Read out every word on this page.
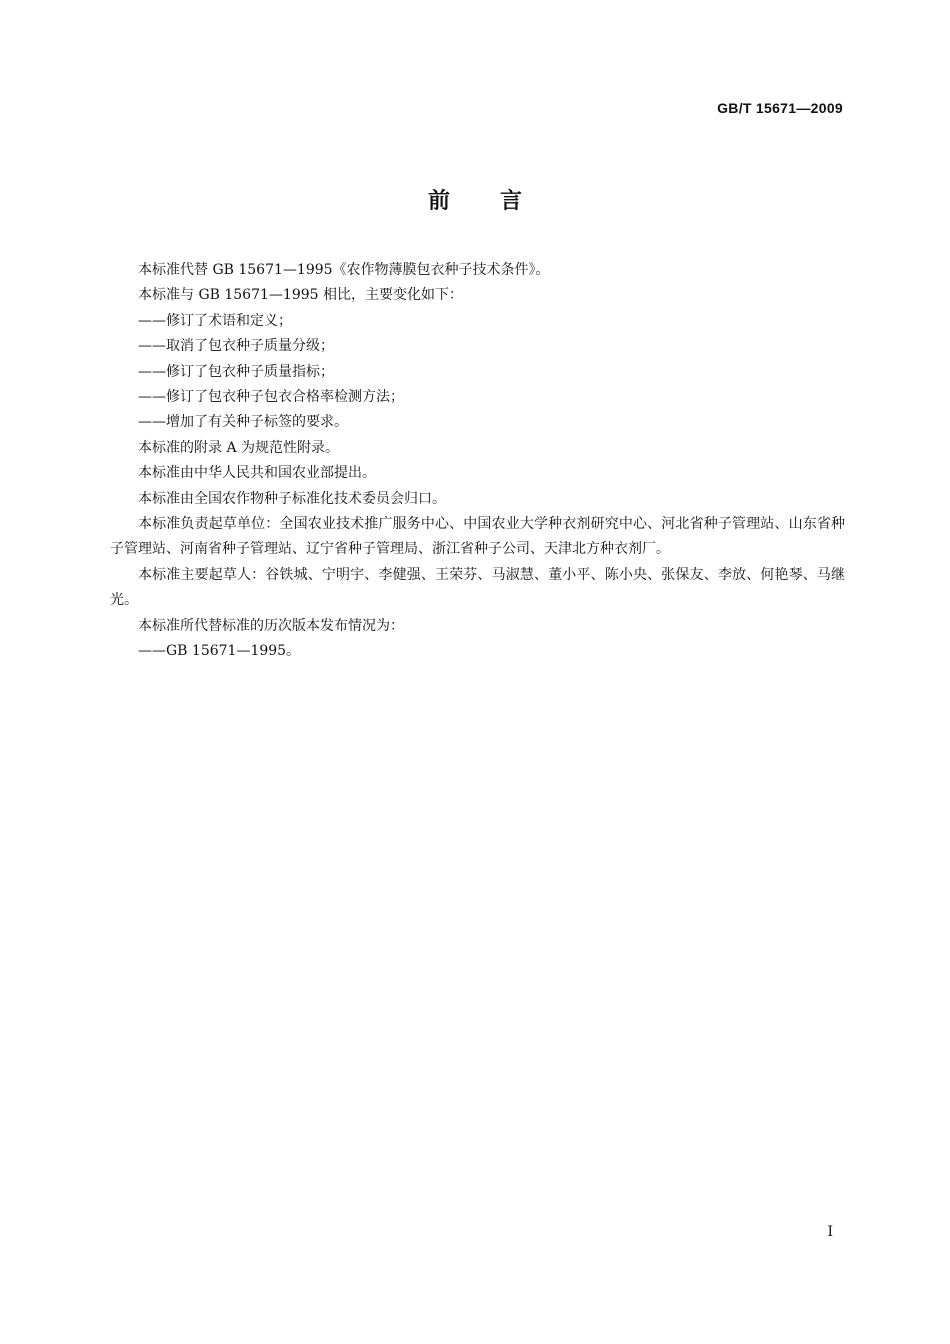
GB/T 15671—2009
前 言

本标准代替 GB 15671—1995《农作物薄膜包衣种子技术条件》。

本标准与 GB 15671—1995 相比，主要变化如下：

——修订了术语和定义；

——取消了包衣种子质量分级；

——修订了包衣种子质量指标；

——修订了包衣种子包衣合格率检测方法；

——增加了有关种子标签的要求。

本标准的附录 A 为规范性附录。

本标准由中华人民共和国农业部提出。

本标准由全国农作物种子标准化技术委员会归口。

本标准负责起草单位：全国农业技术推广服务中心、中国农业大学种衣剂研究中心、河北省种子管理站、山东省种子管理站、河南省种子管理站、辽宁省种子管理局、浙江省种子公司、天津北方种衣剂厂。

本标准主要起草人：谷铁城、宁明宇、李健强、王荣芬、马淑慧、董小平、陈小央、张保友、李放、何艳琴、马继光。

本标准所代替标准的历次版本发布情况为：

——GB 15671—1995。

I
